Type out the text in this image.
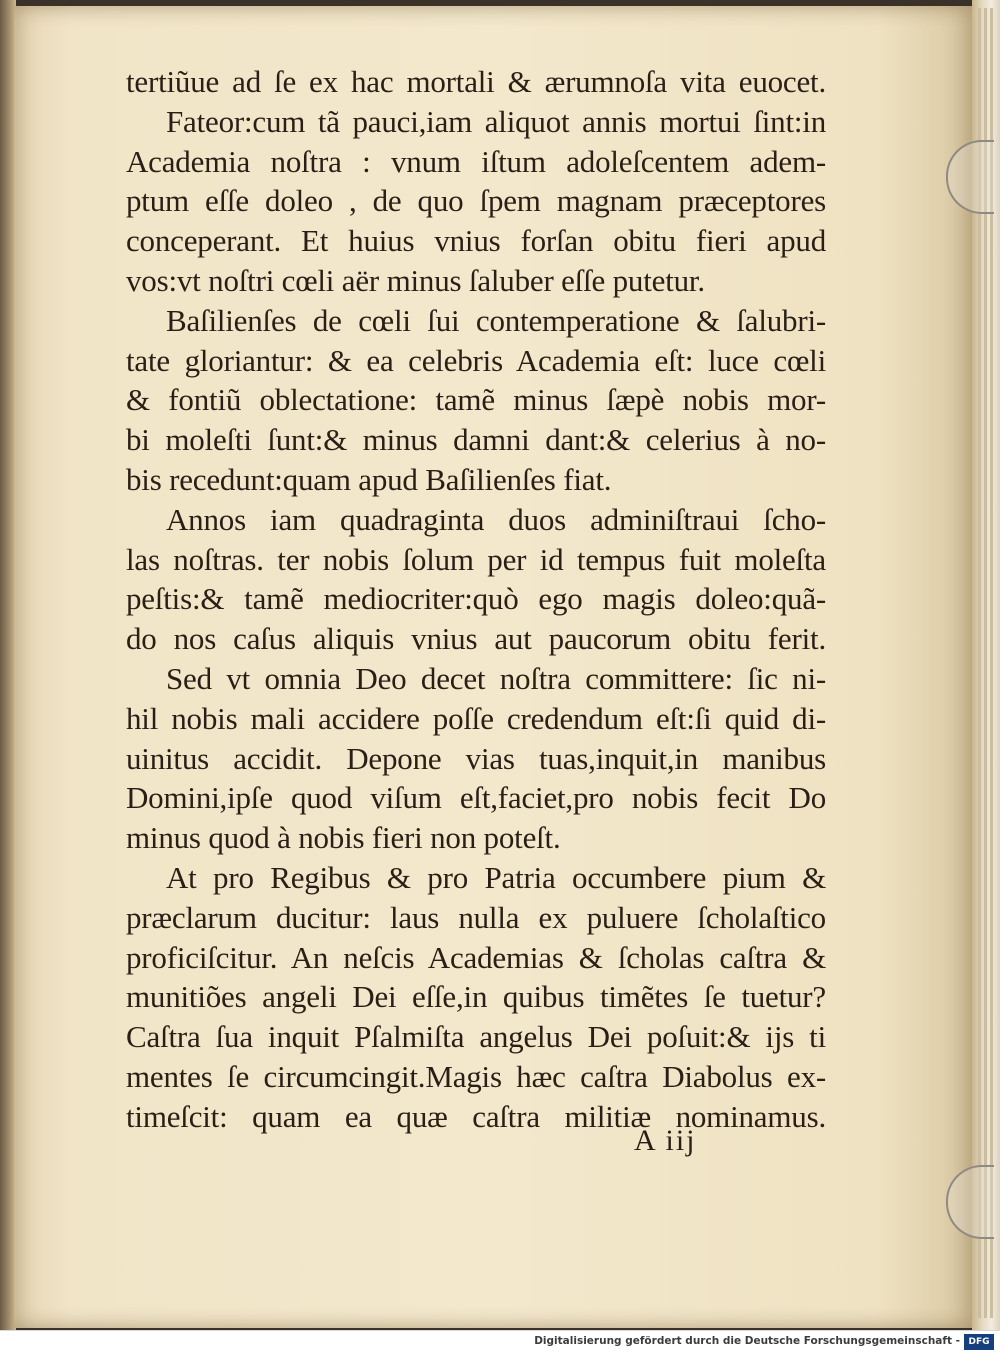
tertiũue ad ſe ex hac mortali & ærumnoſa vita euocet.
Fateor:cum tã pauci,iam aliquot annis mortui ſint:in
Academia noſtra : vnum iſtum adoleſcentem adem-
ptum eſſe doleo , de quo ſpem magnam præceptores
conceperant. Et huius vnius forſan obitu fieri apud
vos:vt noſtri cœli aër minus ſaluber eſſe putetur.
Baſilienſes de cœli ſui contemperatione & ſalubri-
tate gloriantur: & ea celebris Academia eſt: luce cœli
& fontiũ oblectatione: tamẽ minus ſæpè nobis mor-
bi moleſti ſunt:& minus damni dant:& celerius à no-
bis recedunt:quam apud Baſilienſes fiat.
Annos iam quadraginta duos adminiſtraui ſcho-
las noſtras. ter nobis ſolum per id tempus fuit moleſta
peſtis:& tamẽ mediocriter:quò ego magis doleo:quã-
do nos caſus aliquis vnius aut paucorum obitu ferit.
Sed vt omnia Deo decet noſtra committere: ſic ni-
hil nobis mali accidere poſſe credendum eſt:ſi quid di-
uinitus accidit. Depone vias tuas,inquit,in manibus
Domini,ipſe quod viſum eſt,faciet,pro nobis fecit Do
minus quod à nobis fieri non poteſt.
At pro Regibus & pro Patria occumbere pium &
præclarum ducitur: laus nulla ex puluere ſcholaſtico
proficiſcitur. An neſcis Academias & ſcholas caſtra &
munitiões angeli Dei eſſe,in quibus timẽtes ſe tuetur?
Caſtra ſua inquit Pſalmiſta angelus Dei poſuit:& ijs ti
mentes ſe circumcingit.Magis hæc caſtra Diabolus ex-
timeſcit: quam ea quæ caſtra militiæ nominamus.
A iij
Digitalisierung gefördert durch die Deutsche Forschungsgemeinschaft - DFG
